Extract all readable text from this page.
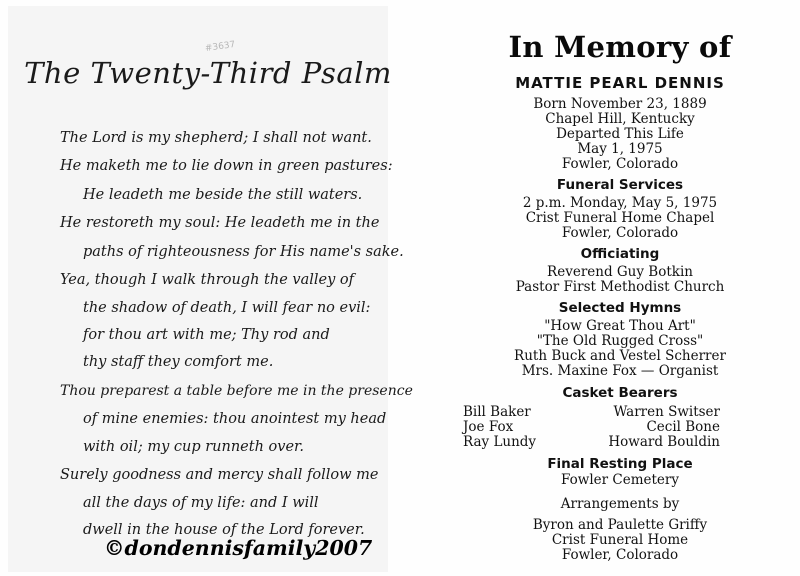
#3637
The Twenty-Third Psalm
The Lord is my shepherd; I shall not want.
He maketh me to lie down in green pastures:
He leadeth me beside the still waters.
He restoreth my soul: He leadeth me in the
paths of righteousness for His name's sake.
Yea, though I walk through the valley of
the shadow of death, I will fear no evil:
for thou art with me; Thy rod and
thy staff they comfort me.
Thou preparest a table before me in the presence
of mine enemies: thou anointest my head
with oil; my cup runneth over.
Surely goodness and mercy shall follow me
all the days of my life: and I will
dwell in the house of the Lord forever.
©dondennisfamily2007
In Memory of
MATTIE PEARL DENNIS
Born November 23, 1889
Chapel Hill, Kentucky
Departed This Life
May 1, 1975
Fowler, Colorado
Funeral Services
2 p.m. Monday, May 5, 1975
Crist Funeral Home Chapel
Fowler, Colorado
Officiating
Reverend Guy Botkin
Pastor First Methodist Church
Selected Hymns
"How Great Thou Art"
"The Old Rugged Cross"
Ruth Buck and Vestel Scherrer
Mrs. Maxine Fox — Organist
Casket Bearers
Bill Baker
Joe Fox
Ray Lundy
Warren Switser
Cecil Bone
Howard Bouldin
Final Resting Place
Fowler Cemetery
Arrangements by
Byron and Paulette Griffy
Crist Funeral Home
Fowler, Colorado
